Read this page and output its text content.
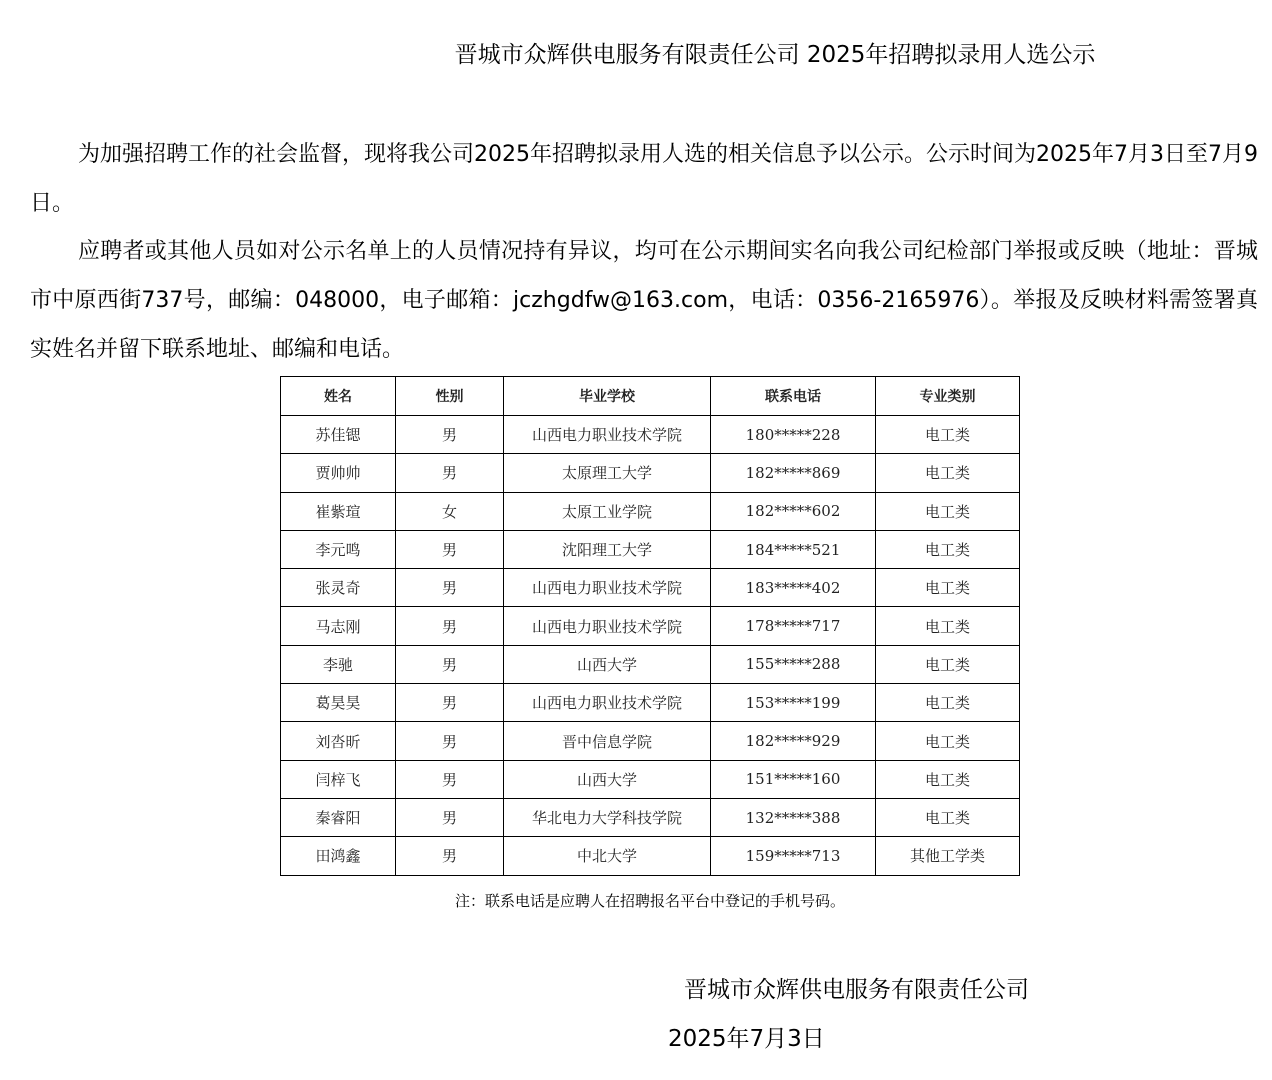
晋城市众辉供电服务有限责任公司 2025年招聘拟录用人选公示

为加强招聘工作的社会监督，现将我公司2025年招聘拟录用人选的相关信息予以公示。公示时间为2025年7月3日至7月9日。

应聘者或其他人员如对公示名单上的人员情况持有异议，均可在公示期间实名向我公司纪检部门举报或反映（地址：晋城市中原西街737号，邮编：048000，电子邮箱：jczhgdfw@163.com，电话：0356-2165976）。举报及反映材料需签署真实姓名并留下联系地址、邮编和电话。

姓名	性别	毕业学校	联系电话	专业类别
苏佳锶	男	山西电力职业技术学院	180*****228	电工类
贾帅帅	男	太原理工大学	182*****869	电工类
崔紫瑄	女	太原工业学院	182*****602	电工类
李元鸣	男	沈阳理工大学	184*****521	电工类
张灵奇	男	山西电力职业技术学院	183*****402	电工类
马志刚	男	山西电力职业技术学院	178*****717	电工类
李驰	男	山西大学	155*****288	电工类
葛昊昊	男	山西电力职业技术学院	153*****199	电工类
刘呇昕	男	晋中信息学院	182*****929	电工类
闫梓飞	男	山西大学	151*****160	电工类
秦睿阳	男	华北电力大学科技学院	132*****388	电工类
田鸿鑫	男	中北大学	159*****713	其他工学类
注：联系电话是应聘人在招聘报名平台中登记的手机号码。
晋城市众辉供电服务有限责任公司
2025年7月3日
